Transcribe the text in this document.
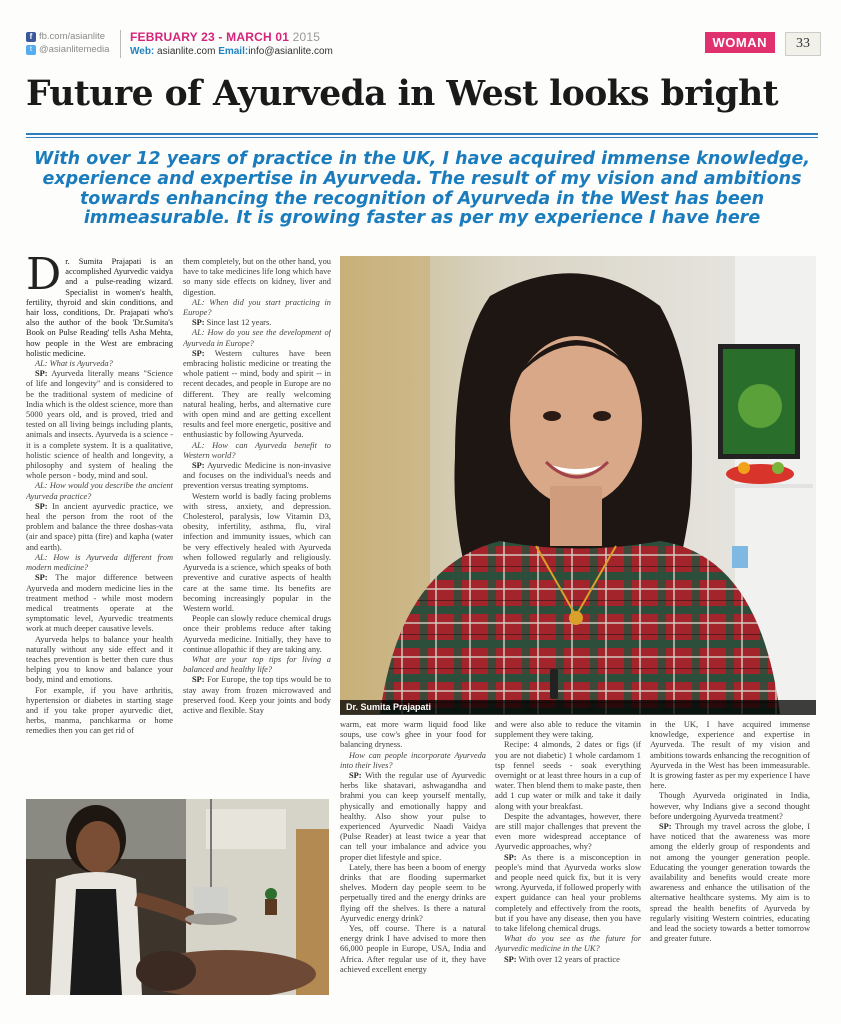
f fb.com/asianlite
t @asianlitemedia
FEBRUARY 23 - MARCH 01 2015
Web: asianlite.com Email:info@asianlite.com
WOMAN	33
Future of Ayurveda in West looks bright
With over 12 years of practice in the UK, I have acquired immense knowledge, experience and expertise in Ayurveda. The result of my vision and ambitions towards enhancing the recognition of Ayurveda in the West has been immeasurable. It is growing faster as per my experience I have here

Dr. Sumita Prajapati is an accomplished Ayurvedic vaidya and a pulse-reading wizard. Specialist in women's health, fertility, thyroid and skin conditions, and hair loss, conditions, Dr. Prajapati who's also the author of the book 'Dr.Sumita's Book on Pulse Reading' tells Asha Mehta, how people in the West are embracing holistic medicine.

AL: What is Ayurveda?

SP: Ayurveda literally means "Science of life and longevity" and is considered to be the traditional system of medicine of India which is the oldest science, more than 5000 years old, and is proved, tried and tested on all living beings including plants, animals and insects. Ayurveda is a science - it is a complete system. It is a qualitative, holistic science of health and longevity, a philosophy and system of healing the whole person - body, mind and soul.

AL: How would you describe the ancient Ayurveda practice?

SP: In ancient ayurvedic practice, we heal the person from the root of the problem and balance the three doshas-vata (air and space) pitta (fire) and kapha (water and earth).

AL: How is Ayurveda different from modern medicine?

SP: The major difference between Ayurveda and modern medicine lies in the treatment method - while most modern medical treatments operate at the symptomatic level, Ayurvedic treatments work at much deeper causative levels.

Ayurveda helps to balance your health naturally without any side effect and it teaches prevention is better then cure thus helping you to know and balance your body, mind and emotions.

For example, if you have arthritis, hypertension or diabetes in starting stage and if you take proper ayurvedic diet, herbs, manma, panchkarma or home remedies then you can get rid of

them completely, but on the other hand, you have to take medicines life long which have so many side effects on kidney, liver and digestion.

AL: When did you start practicing in Europe?

SP: Since last 12 years.

AL: How do you see the development of Ayurveda in Europe?

SP: Western cultures have been embracing holistic medicine or treating the whole patient -- mind, body and spirit -- in recent decades, and people in Europe are no different. They are really welcoming natural healing, herbs, and alternative cure with open mind and are getting excellent results and feel more energetic, positive and enthusiastic by following Ayurveda.

AL: How can Ayurveda benefit to Western world?

SP: Ayurvedic Medicine is non-invasive and focuses on the individual's needs and prevention versus treating symptoms.

Western world is badly facing problems with stress, anxiety, and depression. Cholesterol, paralysis, low Vitamin D3, obesity, infertility, asthma, flu, viral infection and immunity issues, which can be very effectively healed with Ayurveda when followed regularly and religiously. Ayurveda is a science, which speaks of both preventive and curative aspects of health care at the same time. Its benefits are becoming increasingly popular in the Western world.

People can slowly reduce chemical drugs once their problems reduce after taking Ayurveda medicine. Initially, they have to continue allopathic if they are taking any.

What are your top tips for living a balanced and healthy life?

SP: For Europe, the top tips would be to stay away from frozen microwaved and preserved food. Keep your joints and body active and flexible. Stay	Dr. Sumita Prajapati

warm, eat more warm liquid food like soups, use cow's ghee in your food for balancing dryness.

How can people incorporate Ayurveda into their lives?

SP: With the regular use of Ayurvedic herbs like shatavari, ashwagandha and brahmi you can keep yourself mentally, physically and emotionally happy and healthy. Also show your pulse to experienced Ayurvedic Naadi Vaidya (Pulse Reader) at least twice a year that can tell your imbalance and advice you proper diet lifestyle and spice.

Lately, there has been a boom of energy drinks that are flooding supermarket shelves. Modern day people seem to be perpetually tired and the energy drinks are flying off the shelves. Is there a natural Ayurvedic energy drink?

Yes, off course. There is a natural energy drink I have advised to more then 66,000 people in Europe, USA, India and Africa. After regular use of it, they have achieved excellent energy

and were also able to reduce the vitamin supplement they were taking.

Recipe: 4 almonds, 2 dates or figs (if you are not diabetic) 1 whole cardamom 1 tsp fennel seeds - soak everything overnight or at least three hours in a cup of water. Then blend them to make paste, then add 1 cup water or milk and take it daily along with your breakfast.

Despite the advantages, however, there are still major challenges that prevent the even more widespread acceptance of Ayurvedic approaches, why?

SP: As there is a misconception in people's mind that Ayurveda works slow and people need quick fix, but it is very wrong. Ayurveda, if followed properly with expert guidance can heal your problems completely and effectively from the roots, but if you have any disease, then you have to take lifelong chemical drugs.

What do you see as the future for Ayurvedic medicine in the UK?

SP: With over 12 years of practice

in the UK, I have acquired immense knowledge, experience and expertise in Ayurveda. The result of my vision and ambitions towards enhancing the recognition of Ayurveda in the West has been immeasurable. It is growing faster as per my experience I have here.

Though Ayurveda originated in India, however, why Indians give a second thought before undergoing Ayurveda treatment?

SP: Through my travel across the globe, I have noticed that the awareness was more among the elderly group of respondents and not among the younger generation people. Educating the younger generation towards the availability and benefits would create more awareness and enhance the utilisation of the alternative healthcare systems. My aim is to spread the health benefits of Ayurveda by regularly visiting Western cointries, educating and lead the society towards a better tomorrow and greater future.
